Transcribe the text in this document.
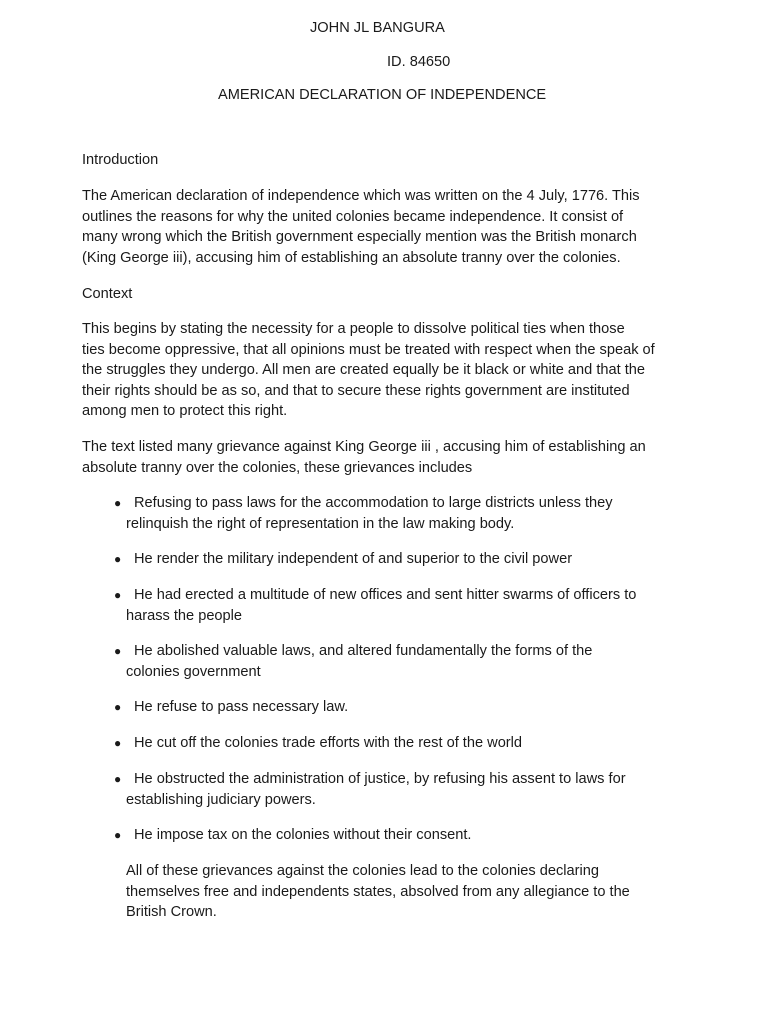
JOHN JL BANGURA
ID. 84650
AMERICAN DECLARATION OF INDEPENDENCE
Introduction
The American declaration of independence which was written on the 4 July, 1776. This
outlines the reasons for why the united colonies became independence. It consist of
many wrong which the British government especially mention was the British monarch
(King George iii), accusing him of establishing an absolute tranny over the colonies.
Context
This begins by stating the necessity for a people to dissolve political ties when those
ties become oppressive, that all opinions must be treated with respect when the speak of
the struggles they undergo. All men are created equally be it black or white and that the
their rights should be as so, and that to secure these rights government are instituted
among men to protect this right.
The text listed many grievance against King George iii , accusing him of establishing an
absolute tranny over the colonies, these grievances includes
● Refusing to pass laws for the accommodation to large districts unless they
relinquish the right of representation in the law making body.
● He render the military independent of and superior to the civil power
● He had erected a multitude of new offices and sent hitter swarms of officers to
harass the people
● He abolished valuable laws, and altered fundamentally the forms of the
colonies government
● He refuse to pass necessary law.
● He cut off the colonies trade efforts with the rest of the world
● He obstructed the administration of justice, by refusing his assent to laws for
establishing judiciary powers.
● He impose tax on the colonies without their consent.
All of these grievances against the colonies lead to the colonies declaring
themselves free and independents states, absolved from any allegiance to the
British Crown.
